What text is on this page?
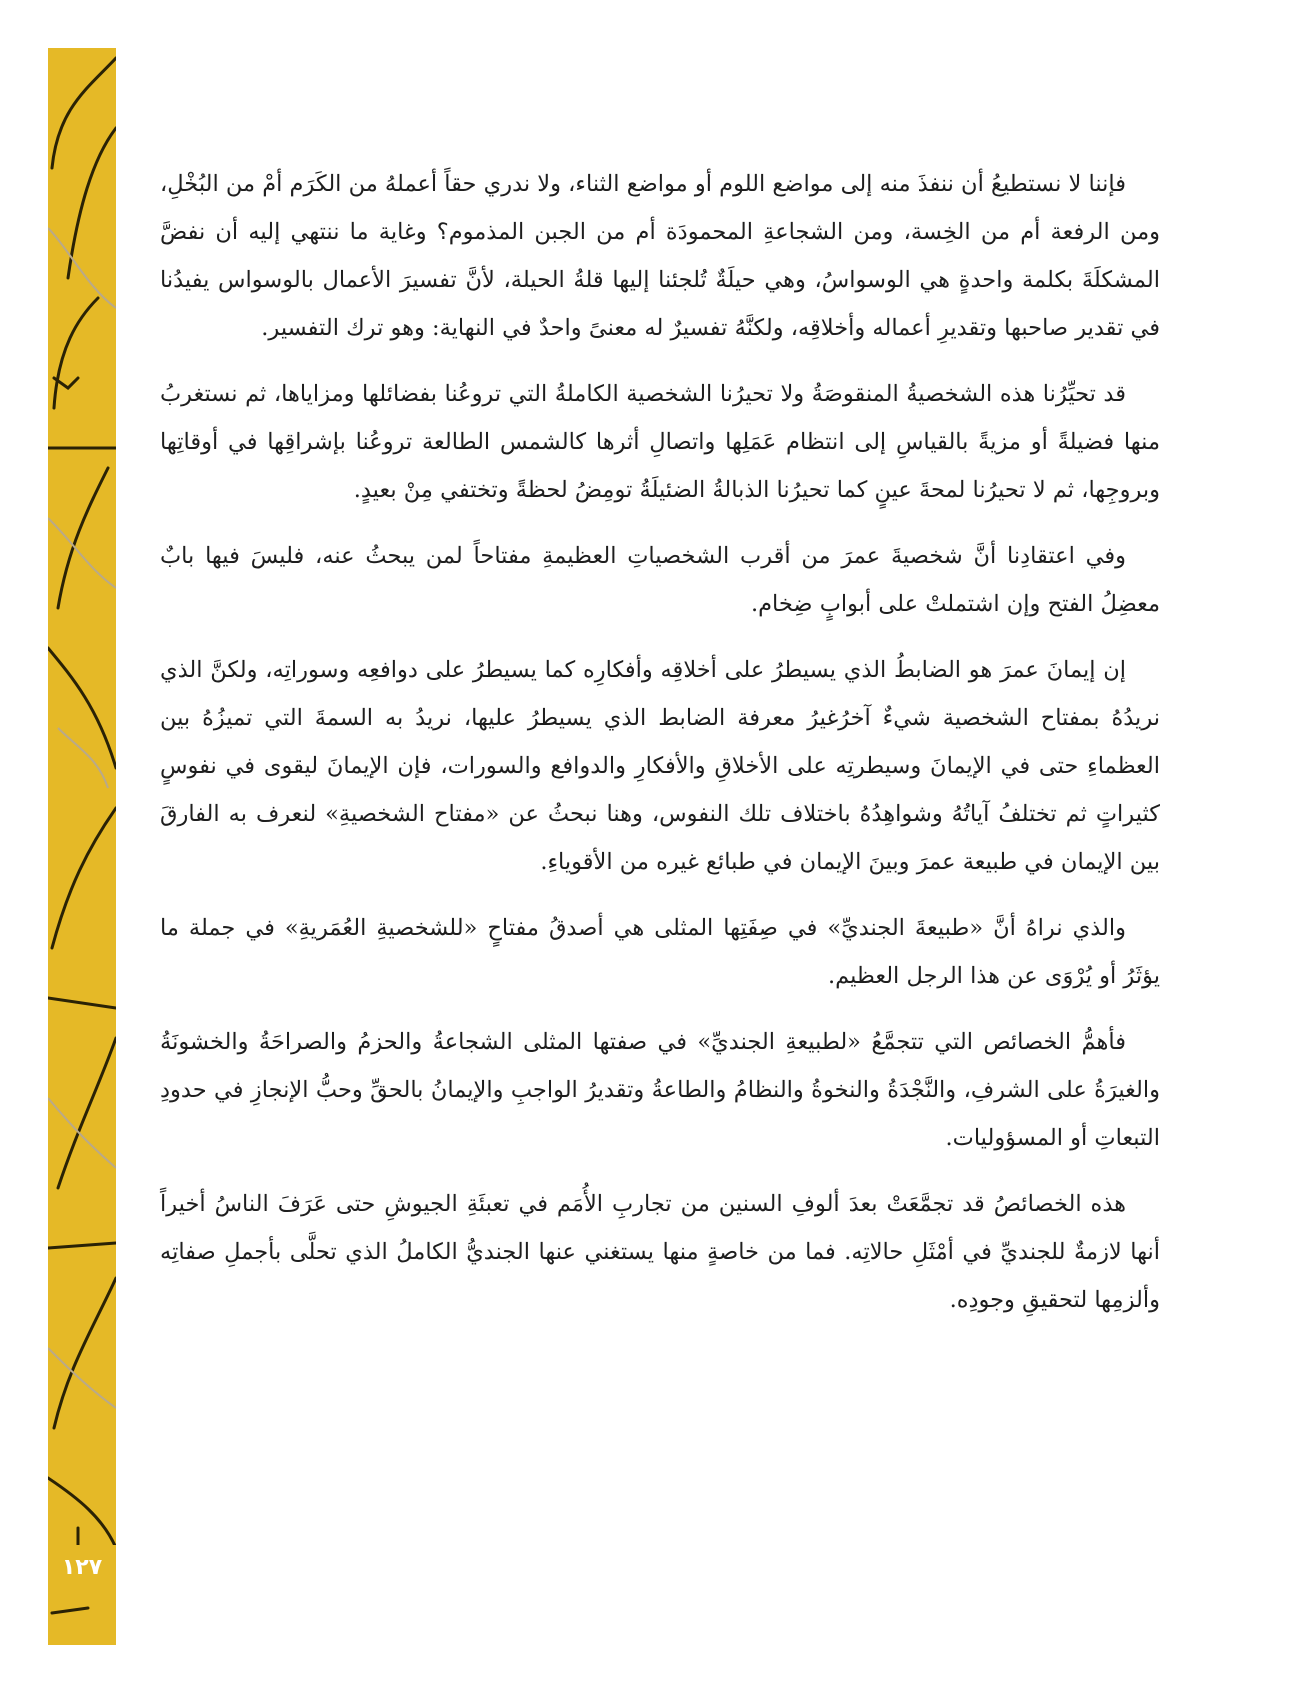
١٢٧

فإننا لا نستطيعُ أن ننفذَ منه إلى مواضع اللوم أو مواضع الثناء، ولا ندري حقاً أعملهُ من الكَرَم أمْ من البُخْلِ، ومن الرفعة أم من الخِسة، ومن الشجاعةِ المحمودَة أم من الجبن المذموم؟ وغاية ما ننتهي إليه أن نفضَّ المشكلَةَ بكلمة واحدةٍ هي الوسواسُ، وهي حيلَةٌ تُلجئنا إليها قلةُ الحيلة، لأنَّ تفسيرَ الأعمال بالوسواس يفيدُنا في تقدير صاحبها وتقديرِ أعماله وأخلاقِه، ولكنَّهُ تفسيرٌ له معنىً واحدٌ في النهاية: وهو ترك التفسير.

قد تحيِّرُنا هذه الشخصيةُ المنقوصَةُ ولا تحيرُنا الشخصية الكاملةُ التي تروعُنا بفضائلها ومزاياها، ثم نستغربُ منها فضيلةً أو مزيةً بالقياسِ إلى انتظام عَمَلِها واتصالِ أثرها كالشمس الطالعة تروعُنا بإشراقِها في أوقاتِها وبروجِها، ثم لا تحيرُنا لمحةَ عينٍ كما تحيرُنا الذبالةُ الضئيلَةُ تومِضُ لحظةً وتختفي مِنْ بعيدٍ.

وفي اعتقادِنا أنَّ شخصيةَ عمرَ من أقرب الشخصياتِ العظيمةِ مفتاحاً لمن يبحثُ عنه، فليسَ فيها بابٌ معضِلُ الفتح وإن اشتملتْ على أبوابٍ ضِخام.

إن إيمانَ عمرَ هو الضابطُ الذي يسيطرُ على أخلاقِه وأفكارِه كما يسيطرُ على دوافعِه وسوراتِه، ولكنَّ الذي نريدُهُ بمفتاح الشخصية شيءٌ آخرُغيرُ معرفة الضابط الذي يسيطرُ عليها، نريدُ به السمةَ التي تميزُهُ بين العظماءِ حتى في الإيمانَ وسيطرتِه على الأخلاقِ والأفكارِ والدوافع والسورات، فإن الإيمانَ ليقوى في نفوسٍ كثيراتٍ ثم تختلفُ آياتُهُ وشواهِدُهُ باختلاف تلك النفوس، وهنا نبحثُ عن «مفتاح الشخصيةِ» لنعرف به الفارقَ بين الإيمان في طبيعة عمرَ وبينَ الإيمان في طبائع غيره من الأقوياءِ.

والذي نراهُ أنَّ «طبيعةَ الجنديِّ» في صِفَتِها المثلى هي أصدقُ مفتاحٍ «للشخصيةِ العُمَريةِ» في جملة ما يؤثَرُ أو يُرْوَى عن هذا الرجل العظيم.

فأهمُّ الخصائص التي تتجمَّعُ «لطبيعةِ الجنديِّ» في صفتها المثلى الشجاعةُ والحزمُ والصراحَةُ والخشونَةُ والغيرَةُ على الشرفِ، والنَّجْدَةُ والنخوةُ والنظامُ والطاعةُ وتقديرُ الواجبِ والإيمانُ بالحقِّ وحبُّ الإنجازِ في حدودِ التبعاتِ أو المسؤوليات.

هذه الخصائصُ قد تجمَّعَتْ بعدَ ألوفِ السنين من تجاربِ الأُمَم في تعبئَةِ الجيوشِ حتى عَرَفَ الناسُ أخيراً أنها لازمةٌ للجنديِّ في أمْثَلِ حالاتِه. فما من خاصةٍ منها يستغني عنها الجنديُّ الكاملُ الذي تحلَّى بأجملِ صفاتِه وألزمِها لتحقيقِ وجودِه.
